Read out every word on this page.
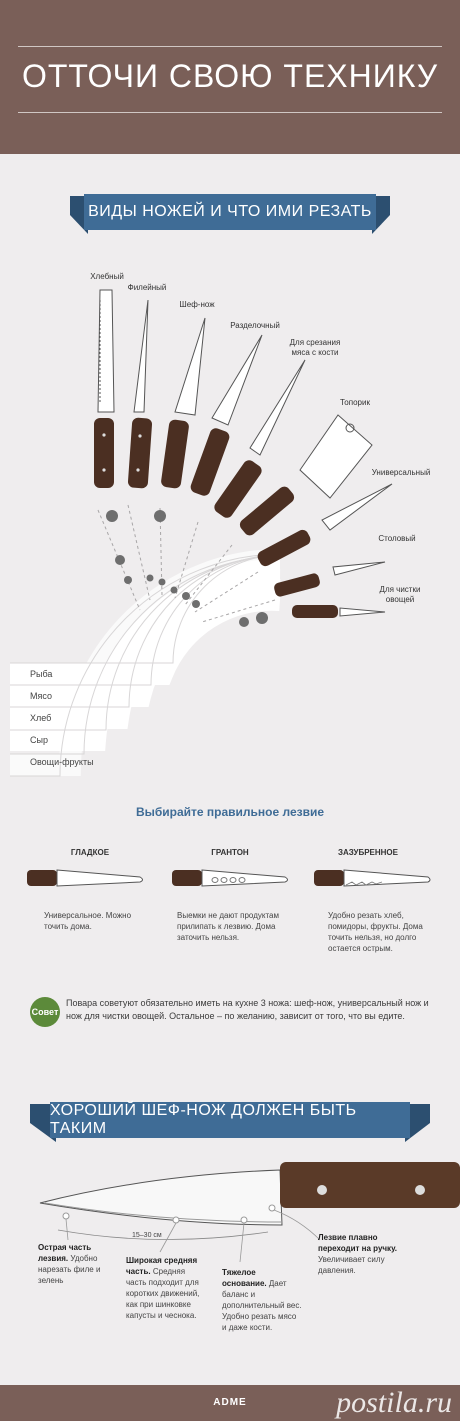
ОТТОЧИ СВОЮ ТЕХНИКУ
ВИДЫ НОЖЕЙ И ЧТО ИМИ РЕЗАТЬ
Хлебный
Филейный
Шеф-нож
Разделочный
Для срезания мяса с кости
Топорик
Универсальный
Столовый
Для чистки овощей
Рыба
Мясо
Хлеб
Сыр
Овощи-фрукты
Выбирайте правильное лезвие
ГЛАДКОЕ	ГРАНТОН	ЗАЗУБРЕННОЕ
Универсальное. Можно точить дома.
Выемки не дают продуктам прилипать к лезвию. Дома заточить нельзя.
Удобно резать хлеб, помидоры, фрукты. Дома точить нельзя, но долго остается острым.
Совет
Повара советуют обязательно иметь на кухне 3 ножа: шеф-нож, универсальный нож и нож для чистки овощей. Остальное – по желанию, зависит от того, что вы едите.
ХОРОШИЙ ШЕФ-НОЖ ДОЛЖЕН БЫТЬ ТАКИМ
15–30 см
Острая часть лезвия. Удобно нарезать филе и зелень
Широкая средняя часть. Средняя часть подходит для коротких движений, как при шинковке капусты и чеснока.
Тяжелое основание. Дает баланс и дополнительный вес. Удобно резать мясо и даже кости.
Лезвие плавно переходит на ручку. Увеличивает силу давления.
ADME	postila.ru
